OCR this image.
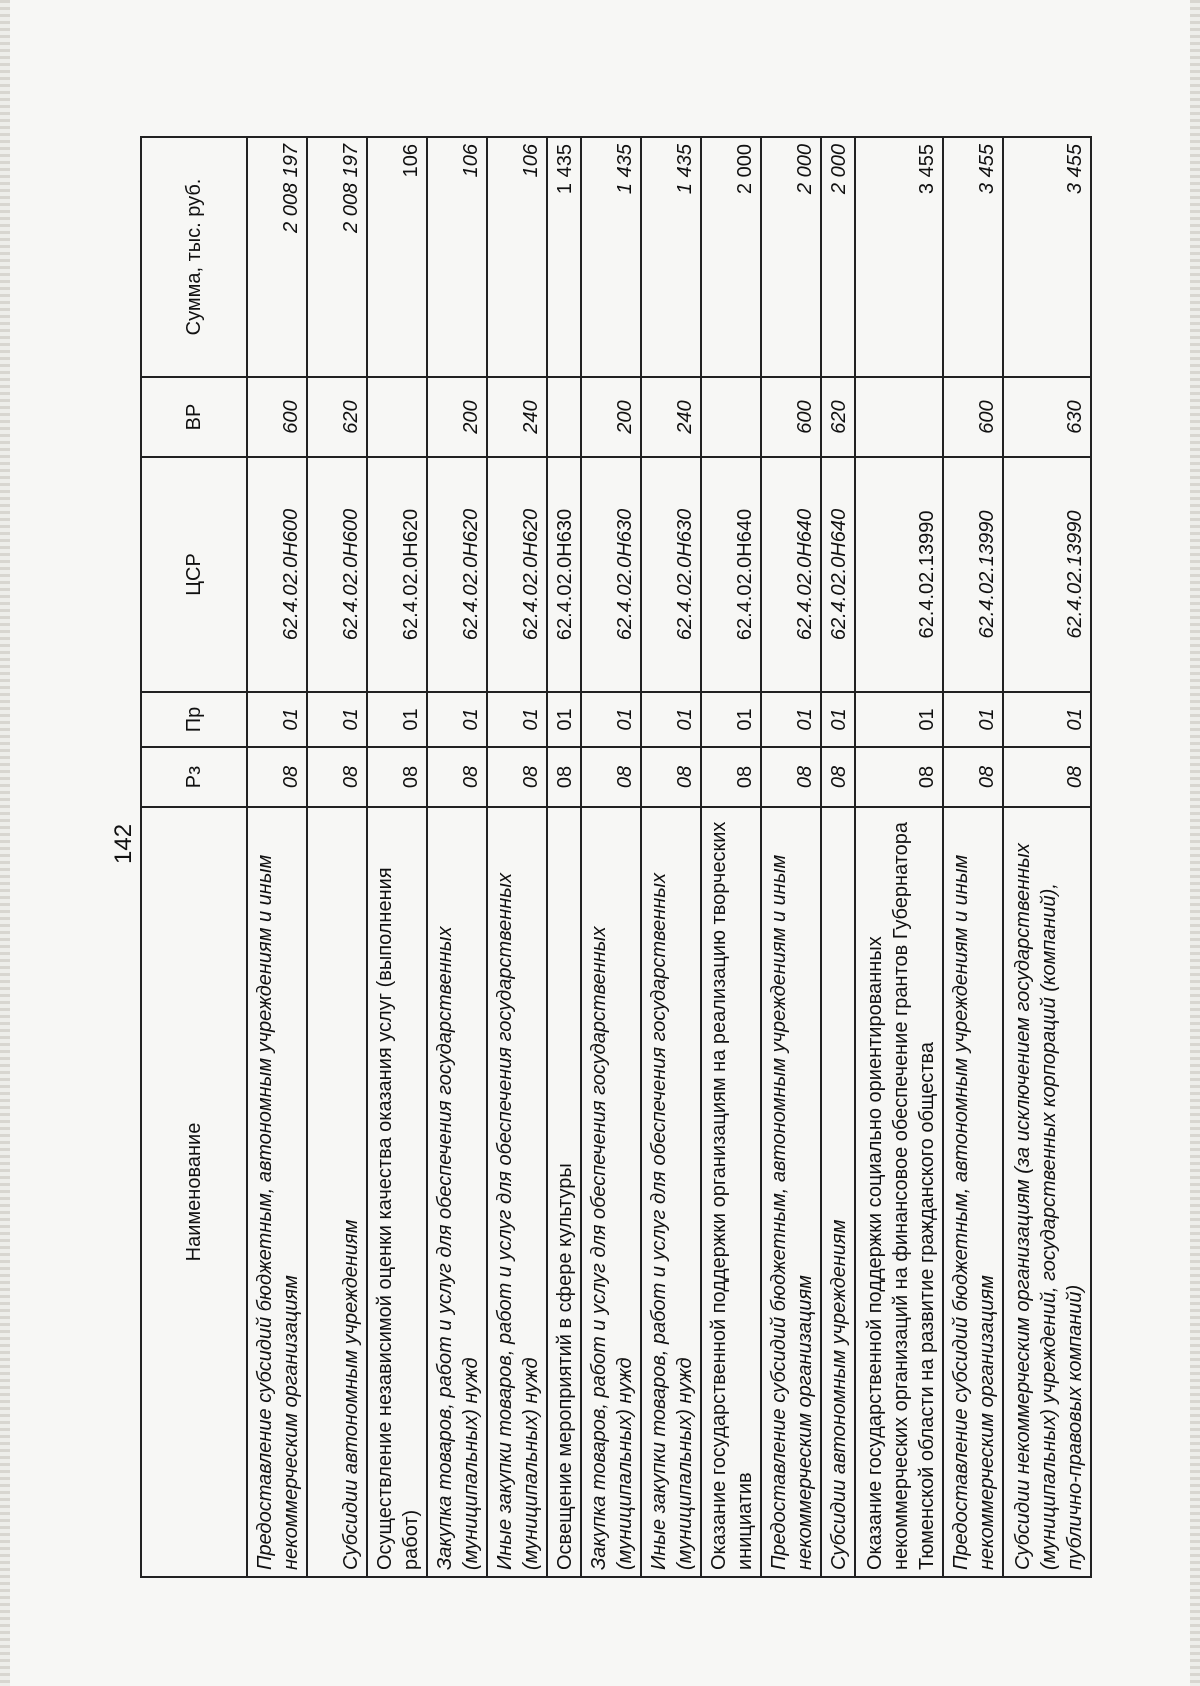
142
Наименование	Рз	Пр	ЦСР	ВР	Сумма, тыс. руб.
Предоставление субсидий бюджетным, автономным учреждениям и иным некоммерческим организациям	08	01	62.4.02.0Н600	600	2 008 197
Субсидии автономным учреждениям	08	01	62.4.02.0Н600	620	2 008 197
Осуществление независимой оценки качества оказания услуг (выполнения работ)	08	01	62.4.02.0Н620		106
Закупка товаров, работ и услуг для обеспечения государственных (муниципальных) нужд	08	01	62.4.02.0Н620	200	106
Иные закупки товаров, работ и услуг для обеспечения государственных (муниципальных) нужд	08	01	62.4.02.0Н620	240	106
Освещение мероприятий в сфере культуры	08	01	62.4.02.0Н630		1 435
Закупка товаров, работ и услуг для обеспечения государственных (муниципальных) нужд	08	01	62.4.02.0Н630	200	1 435
Иные закупки товаров, работ и услуг для обеспечения государственных (муниципальных) нужд	08	01	62.4.02.0Н630	240	1 435
Оказание государственной поддержки организациям на реализацию творческих инициатив	08	01	62.4.02.0Н640		2 000
Предоставление субсидий бюджетным, автономным учреждениям и иным некоммерческим организациям	08	01	62.4.02.0Н640	600	2 000
Субсидии автономным учреждениям	08	01	62.4.02.0Н640	620	2 000
Оказание государственной поддержки социально ориентированных некоммерческих организаций на финансовое обеспечение грантов Губернатора Тюменской области на развитие гражданского общества	08	01	62.4.02.13990		3 455
Предоставление субсидий бюджетным, автономным учреждениям и иным некоммерческим организациям	08	01	62.4.02.13990	600	3 455
Субсидии некоммерческим организациям (за исключением государственных (муниципальных) учреждений, государственных корпораций (компаний), публично-правовых компаний)	08	01	62.4.02.13990	630	3 455
